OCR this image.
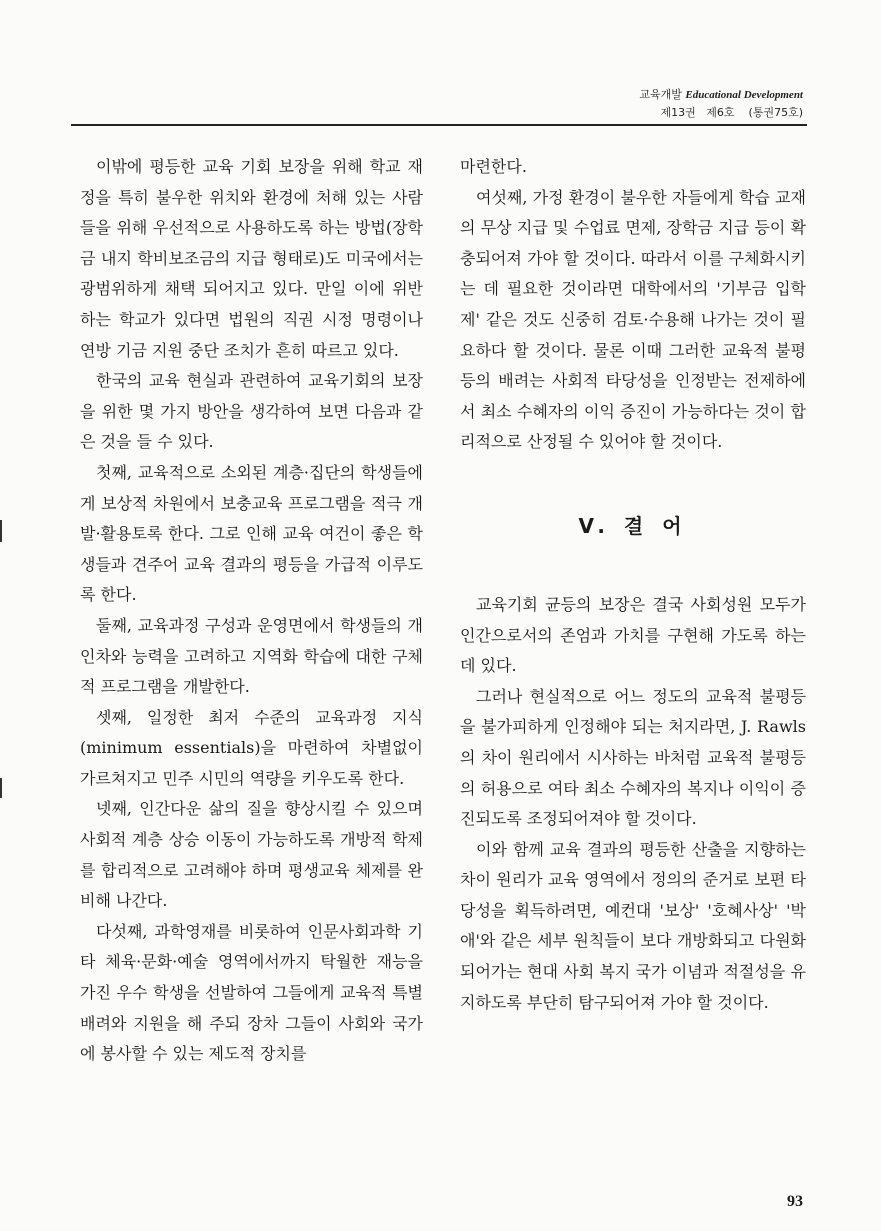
교육개발 Educational Development
제13권 제6호 (통권75호)

이밖에 평등한 교육 기회 보장을 위해 학교 재정을 특히 불우한 위치와 환경에 처해 있는 사람들을 위해 우선적으로 사용하도록 하는 방법(장학금 내지 학비보조금의 지급 형태로)도 미국에서는 광범위하게 채택 되어지고 있다. 만일 이에 위반하는 학교가 있다면 법원의 직권 시정 명령이나 연방 기금 지원 중단 조치가 흔히 따르고 있다.

한국의 교육 현실과 관련하여 교육기회의 보장을 위한 몇 가지 방안을 생각하여 보면 다음과 같은 것을 들 수 있다.

첫째, 교육적으로 소외된 계층·집단의 학생들에게 보상적 차원에서 보충교육 프로그램을 적극 개발·활용토록 한다. 그로 인해 교육 여건이 좋은 학생들과 견주어 교육 결과의 평등을 가급적 이루도록 한다.

둘째, 교육과정 구성과 운영면에서 학생들의 개인차와 능력을 고려하고 지역화 학습에 대한 구체적 프로그램을 개발한다.

셋째, 일정한 최저 수준의 교육과정 지식(minimum essentials)을 마련하여 차별없이 가르쳐지고 민주 시민의 역량을 키우도록 한다.

넷째, 인간다운 삶의 질을 향상시킬 수 있으며 사회적 계층 상승 이동이 가능하도록 개방적 학제를 합리적으로 고려해야 하며 평생교육 체제를 완비해 나간다.

다섯째, 과학영재를 비롯하여 인문사회과학 기타 체육·문화·예술 영역에서까지 탁월한 재능을 가진 우수 학생을 선발하여 그들에게 교육적 특별 배려와 지원을 해 주되 장차 그들이 사회와 국가에 봉사할 수 있는 제도적 장치를

마련한다.

여섯째, 가정 환경이 불우한 자들에게 학습 교재의 무상 지급 및 수업료 면제, 장학금 지급 등이 확충되어져 가야 할 것이다. 따라서 이를 구체화시키는 데 필요한 것이라면 대학에서의 '기부금 입학제' 같은 것도 신중히 검토·수용해 나가는 것이 필요하다 할 것이다. 물론 이때 그러한 교육적 불평등의 배려는 사회적 타당성을 인정받는 전제하에서 최소 수혜자의 이익 증진이 가능하다는 것이 합리적으로 산정될 수 있어야 할 것이다.

V. 결 어

교육기회 균등의 보장은 결국 사회성원 모두가 인간으로서의 존엄과 가치를 구현해 가도록 하는 데 있다.

그러나 현실적으로 어느 정도의 교육적 불평등을 불가피하게 인정해야 되는 처지라면, J. Rawls의 차이 원리에서 시사하는 바처럼 교육적 불평등의 허용으로 여타 최소 수혜자의 복지나 이익이 증진되도록 조정되어져야 할 것이다.

이와 함께 교육 결과의 평등한 산출을 지향하는 차이 원리가 교육 영역에서 정의의 준거로 보편 타당성을 획득하려면, 예컨대 '보상' '호혜사상' '박애'와 같은 세부 원칙들이 보다 개방화되고 다원화되어가는 현대 사회 복지 국가 이념과 적절성을 유지하도록 부단히 탐구되어져 가야 할 것이다.

93
